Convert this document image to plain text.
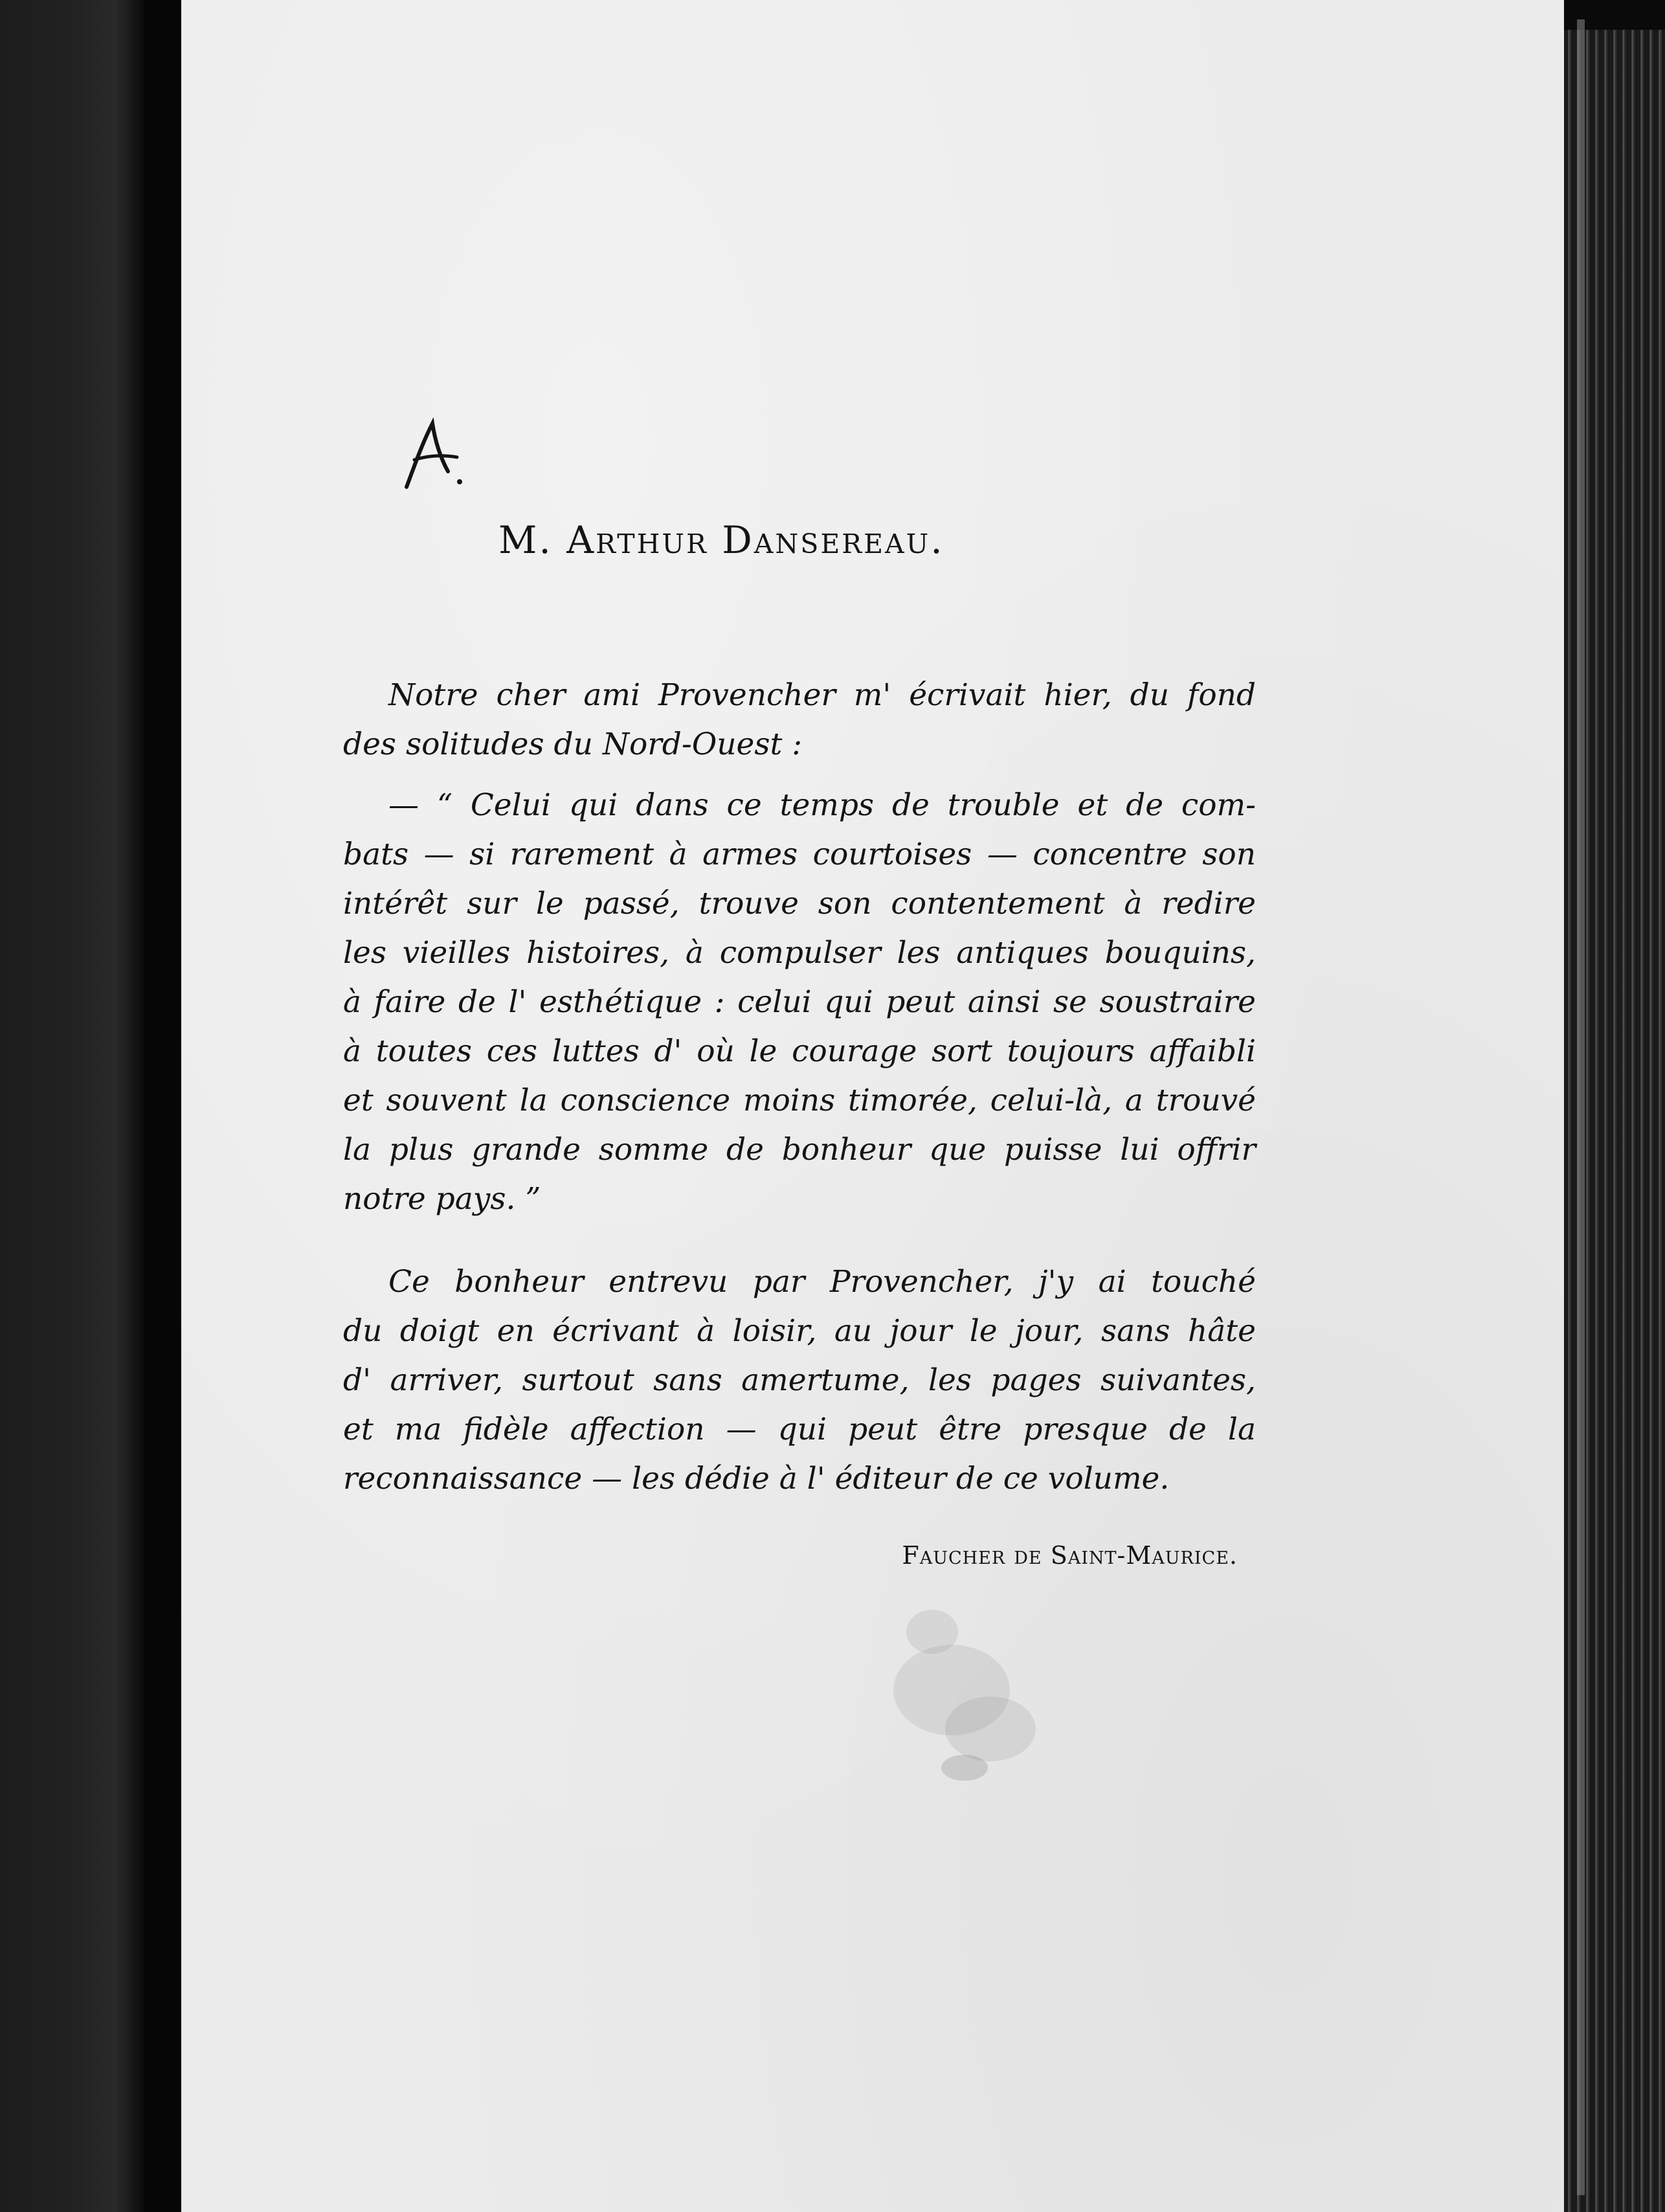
M. Arthur Dansereau.
Notre cher ami Provencher m' écrivait hier, du fond
des solitudes du Nord-Ouest :
— “ Celui qui dans ce temps de trouble et de com-
bats — si rarement à armes courtoises — concentre son
intérêt sur le passé, trouve son contentement à redire
les vieilles histoires, à compulser les antiques bouquins,
à faire de l' esthétique : celui qui peut ainsi se soustraire
à toutes ces luttes d' où le courage sort toujours affaibli
et souvent la conscience moins timorée, celui-là, a trouvé
la plus grande somme de bonheur que puisse lui offrir
notre pays. ”
Ce bonheur entrevu par Provencher, j'y ai touché
du doigt en écrivant à loisir, au jour le jour, sans hâte
d' arriver, surtout sans amertume, les pages suivantes,
et ma fidèle affection — qui peut être presque de la
reconnaissance — les dédie à l' éditeur de ce volume.
Faucher de Saint-Maurice.
